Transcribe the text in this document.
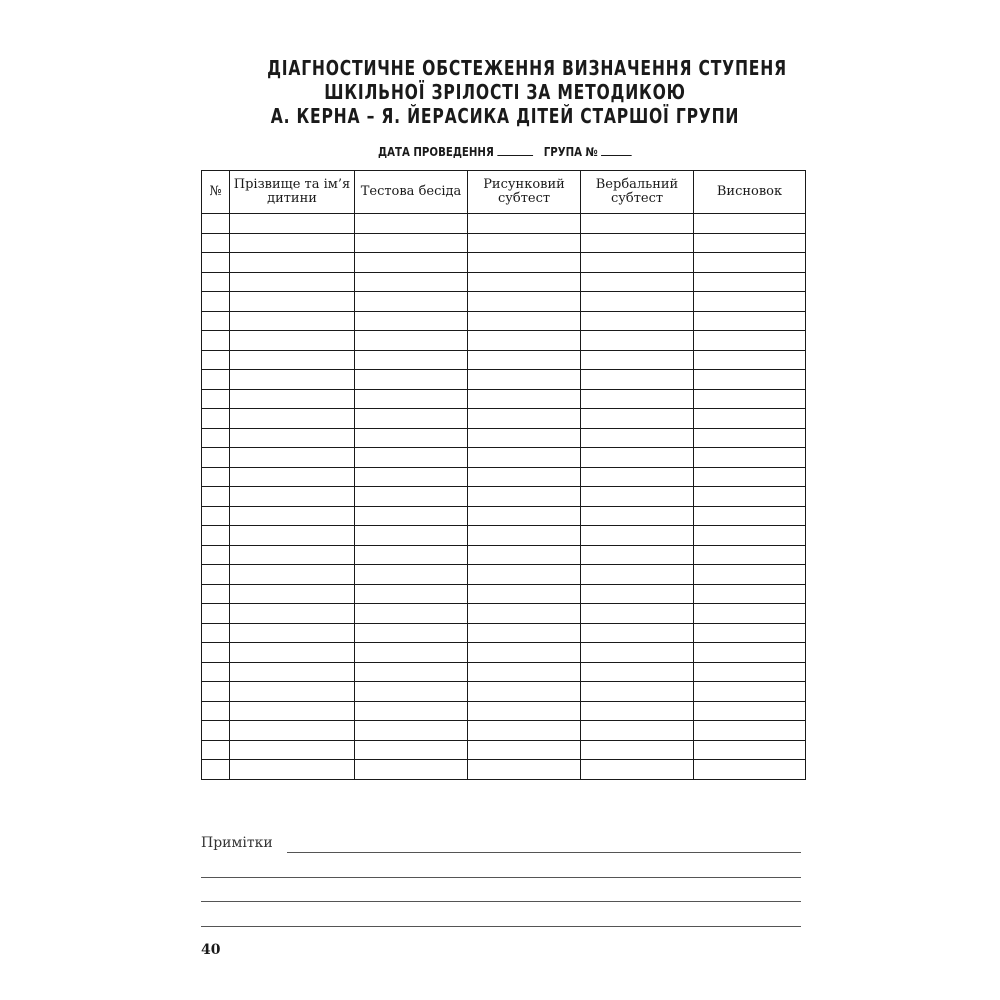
ДІАГНОСТИЧНЕ ОБСТЕЖЕННЯ ВИЗНАЧЕННЯ СТУПЕНЯ
ШКІЛЬНОЇ ЗРІЛОСТІ ЗА МЕТОДИКОЮ
А. КЕРНА – Я. ЙЕРАСИКА ДІТЕЙ СТАРШОЇ ГРУПИ
ДАТА ПРОВЕДЕННЯ	ГРУПА №
№	Прізвище та ім’я дитини	Тестова бесіда	Рисунковий субтест	Вербальний субтест	Висновок

Примітки
40
